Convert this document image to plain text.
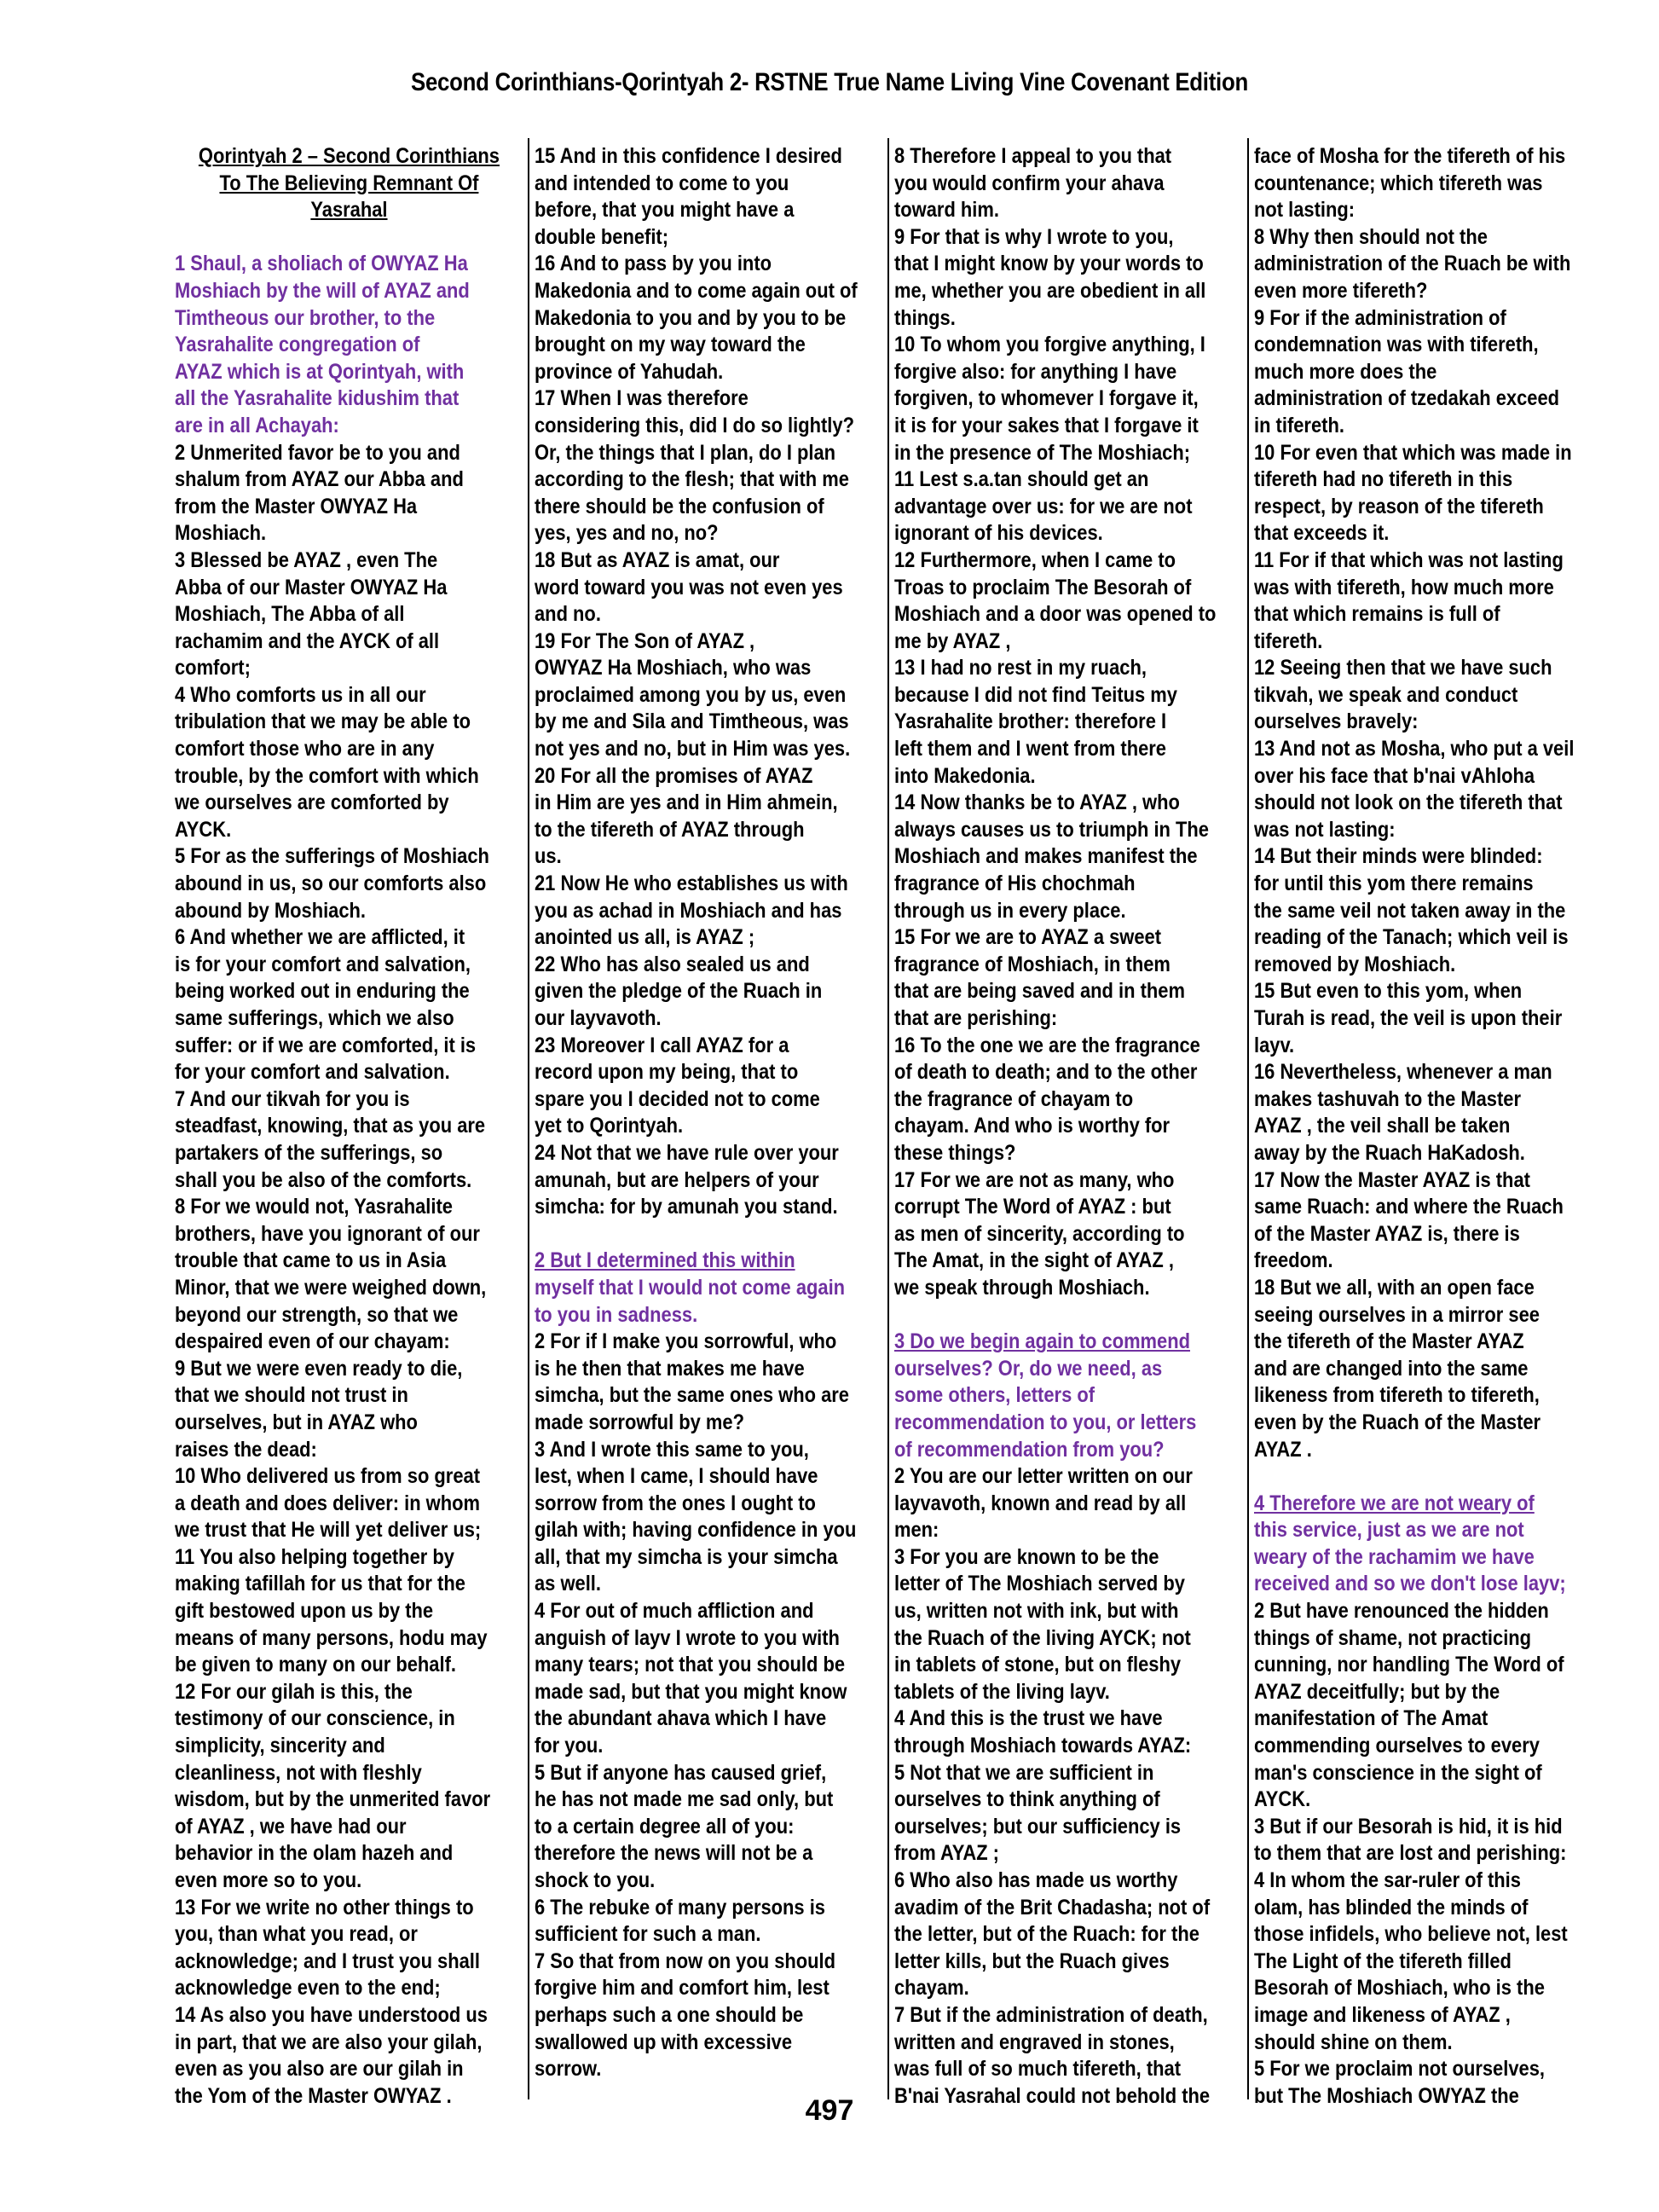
Second Corinthians-Qorintyah 2- RSTNE True Name Living Vine Covenant Edition
Qorintyah 2 – Second Corinthians
To The Believing Remnant Of
Yasrahal
1 Shaul, a sholiach of OWYAZ Ha
Moshiach by the will of AYAZ and
Timtheous our brother, to the
Yasrahalite congregation of
AYAZ which is at Qorintyah, with
all the Yasrahalite kidushim that
are in all Achayah:
2 Unmerited favor be to you and
shalum from AYAZ our Abba and
from the Master OWYAZ Ha
Moshiach.
3 Blessed be AYAZ , even The
Abba of our Master OWYAZ Ha
Moshiach, The Abba of all
rachamim and the AYCK of all
comfort;
4 Who comforts us in all our
tribulation that we may be able to
comfort those who are in any
trouble, by the comfort with which
we ourselves are comforted by
AYCK.
5 For as the sufferings of Moshiach
abound in us, so our comforts also
abound by Moshiach.
6 And whether we are afflicted, it
is for your comfort and salvation,
being worked out in enduring the
same sufferings, which we also
suffer: or if we are comforted, it is
for your comfort and salvation.
7 And our tikvah for you is
steadfast, knowing, that as you are
partakers of the sufferings, so
shall you be also of the comforts.
8 For we would not, Yasrahalite
brothers, have you ignorant of our
trouble that came to us in Asia
Minor, that we were weighed down,
beyond our strength, so that we
despaired even of our chayam:
9 But we were even ready to die,
that we should not trust in
ourselves, but in AYAZ who
raises the dead:
10 Who delivered us from so great
a death and does deliver: in whom
we trust that He will yet deliver us;
11 You also helping together by
making tafillah for us that for the
gift bestowed upon us by the
means of many persons, hodu may
be given to many on our behalf.
12 For our gilah is this, the
testimony of our conscience, in
simplicity, sincerity and
cleanliness, not with fleshly
wisdom, but by the unmerited favor
of AYAZ , we have had our
behavior in the olam hazeh and
even more so to you.
13 For we write no other things to
you, than what you read, or
acknowledge; and I trust you shall
acknowledge even to the end;
14 As also you have understood us
in part, that we are also your gilah,
even as you also are our gilah in
the Yom of the Master OWYAZ .
15 And in this confidence I desired
and intended to come to you
before, that you might have a
double benefit;
16 And to pass by you into
Makedonia and to come again out of
Makedonia to you and by you to be
brought on my way toward the
province of Yahudah.
17 When I was therefore
considering this, did I do so lightly?
Or, the things that I plan, do I plan
according to the flesh; that with me
there should be the confusion of
yes, yes and no, no?
18 But as AYAZ is amat, our
word toward you was not even yes
and no.
19 For The Son of AYAZ ,
OWYAZ Ha Moshiach, who was
proclaimed among you by us, even
by me and Sila and Timtheous, was
not yes and no, but in Him was yes.
20 For all the promises of AYAZ
in Him are yes and in Him ahmein,
to the tifereth of AYAZ through
us.
21 Now He who establishes us with
you as achad in Moshiach and has
anointed us all, is AYAZ ;
22 Who has also sealed us and
given the pledge of the Ruach in
our layvavoth.
23 Moreover I call AYAZ for a
record upon my being, that to
spare you I decided not to come
yet to Qorintyah.
24 Not that we have rule over your
amunah, but are helpers of your
simcha: for by amunah you stand.
2 But I determined this within
myself that I would not come again
to you in sadness.
2 For if I make you sorrowful, who
is he then that makes me have
simcha, but the same ones who are
made sorrowful by me?
3 And I wrote this same to you,
lest, when I came, I should have
sorrow from the ones I ought to
gilah with; having confidence in you
all, that my simcha is your simcha
as well.
4 For out of much affliction and
anguish of layv I wrote to you with
many tears; not that you should be
made sad, but that you might know
the abundant ahava which I have
for you.
5 But if anyone has caused grief,
he has not made me sad only, but
to a certain degree all of you:
therefore the news will not be a
shock to you.
6 The rebuke of many persons is
sufficient for such a man.
7 So that from now on you should
forgive him and comfort him, lest
perhaps such a one should be
swallowed up with excessive
sorrow.
8 Therefore I appeal to you that
you would confirm your ahava
toward him.
9 For that is why I wrote to you,
that I might know by your words to
me, whether you are obedient in all
things.
10 To whom you forgive anything, I
forgive also: for anything I have
forgiven, to whomever I forgave it,
it is for your sakes that I forgave it
in the presence of The Moshiach;
11 Lest s.a.tan should get an
advantage over us: for we are not
ignorant of his devices.
12 Furthermore, when I came to
Troas to proclaim The Besorah of
Moshiach and a door was opened to
me by AYAZ ,
13 I had no rest in my ruach,
because I did not find Teitus my
Yasrahalite brother: therefore I
left them and I went from there
into Makedonia.
14 Now thanks be to AYAZ , who
always causes us to triumph in The
Moshiach and makes manifest the
fragrance of His chochmah
through us in every place.
15 For we are to AYAZ a sweet
fragrance of Moshiach, in them
that are being saved and in them
that are perishing:
16 To the one we are the fragrance
of death to death; and to the other
the fragrance of chayam to
chayam. And who is worthy for
these things?
17 For we are not as many, who
corrupt The Word of AYAZ : but
as men of sincerity, according to
The Amat, in the sight of AYAZ ,
we speak through Moshiach.
3 Do we begin again to commend
ourselves? Or, do we need, as
some others, letters of
recommendation to you, or letters
of recommendation from you?
2 You are our letter written on our
layvavoth, known and read by all
men:
3 For you are known to be the
letter of The Moshiach served by
us, written not with ink, but with
the Ruach of the living AYCK; not
in tablets of stone, but on fleshy
tablets of the living layv.
4 And this is the trust we have
through Moshiach towards AYAZ:
5 Not that we are sufficient in
ourselves to think anything of
ourselves; but our sufficiency is
from AYAZ ;
6 Who also has made us worthy
avadim of the Brit Chadasha; not of
the letter, but of the Ruach: for the
letter kills, but the Ruach gives
chayam.
7 But if the administration of death,
written and engraved in stones,
was full of so much tifereth, that
B'nai Yasrahal could not behold the
face of Mosha for the tifereth of his
countenance; which tifereth was
not lasting:
8 Why then should not the
administration of the Ruach be with
even more tifereth?
9 For if the administration of
condemnation was with tifereth,
much more does the
administration of tzedakah exceed
in tifereth.
10 For even that which was made in
tifereth had no tifereth in this
respect, by reason of the tifereth
that exceeds it.
11 For if that which was not lasting
was with tifereth, how much more
that which remains is full of
tifereth.
12 Seeing then that we have such
tikvah, we speak and conduct
ourselves bravely:
13 And not as Mosha, who put a veil
over his face that b'nai vAhloha
should not look on the tifereth that
was not lasting:
14 But their minds were blinded:
for until this yom there remains
the same veil not taken away in the
reading of the Tanach; which veil is
removed by Moshiach.
15 But even to this yom, when
Turah is read, the veil is upon their
layv.
16 Nevertheless, whenever a man
makes tashuvah to the Master
AYAZ , the veil shall be taken
away by the Ruach HaKadosh.
17 Now the Master AYAZ is that
same Ruach: and where the Ruach
of the Master AYAZ is, there is
freedom.
18 But we all, with an open face
seeing ourselves in a mirror see
the tifereth of the Master AYAZ
and are changed into the same
likeness from tifereth to tifereth,
even by the Ruach of the Master
AYAZ .
4 Therefore we are not weary of
this service, just as we are not
weary of the rachamim we have
received and so we don't lose layv;
2 But have renounced the hidden
things of shame, not practicing
cunning, nor handling The Word of
AYAZ deceitfully; but by the
manifestation of The Amat
commending ourselves to every
man's conscience in the sight of
AYCK.
3 But if our Besorah is hid, it is hid
to them that are lost and perishing:
4 In whom the sar-ruler of this
olam, has blinded the minds of
those infidels, who believe not, lest
The Light of the tifereth filled
Besorah of Moshiach, who is the
image and likeness of AYAZ ,
should shine on them.
5 For we proclaim not ourselves,
but The Moshiach OWYAZ the
497
